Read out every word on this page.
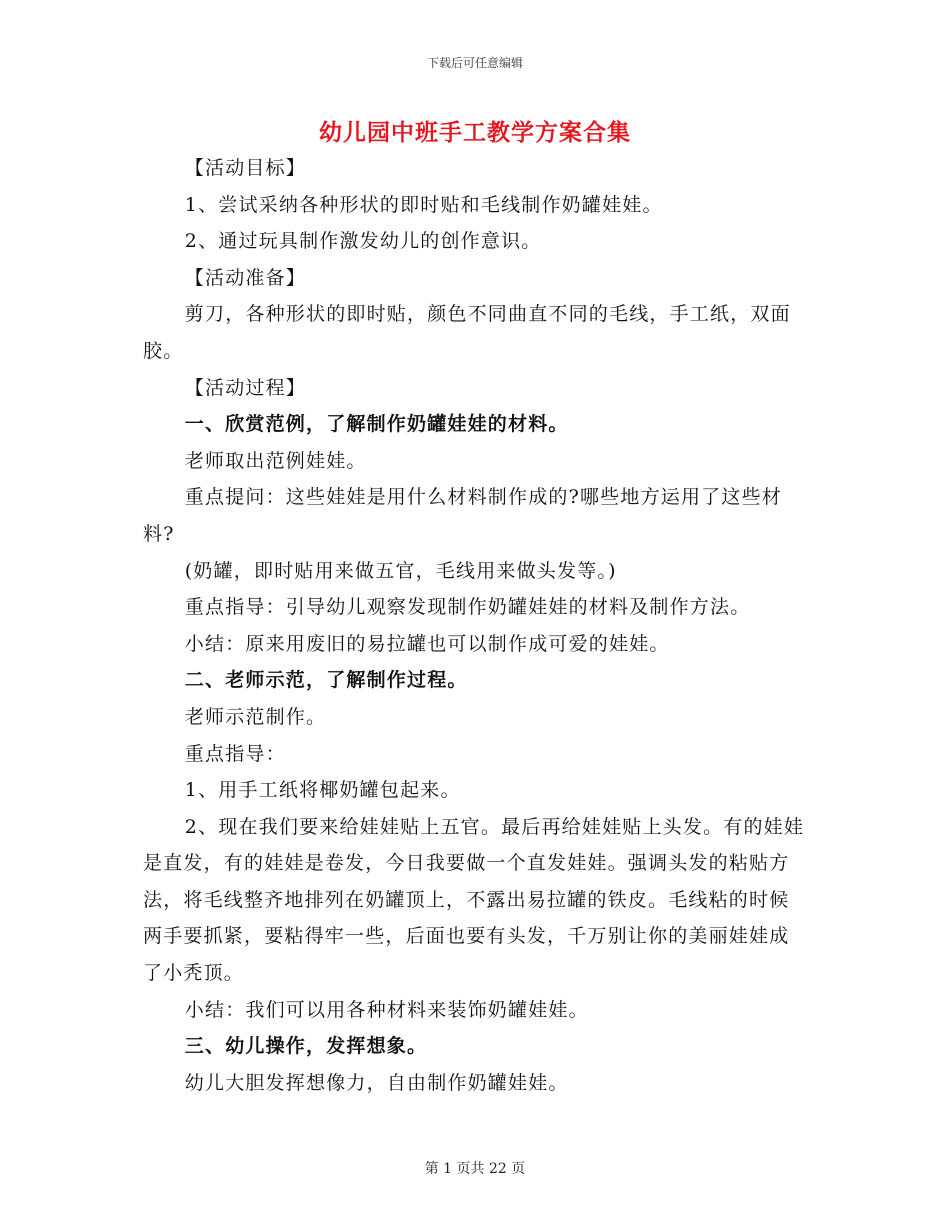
下载后可任意编辑
幼儿园中班手工教学方案合集

【活动目标】

1、尝试采纳各种形状的即时贴和毛线制作奶罐娃娃。

2、通过玩具制作激发幼儿的创作意识。

【活动准备】

剪刀，各种形状的即时贴，颜色不同曲直不同的毛线，手工纸，双面胶。

【活动过程】

一、欣赏范例，了解制作奶罐娃娃的材料。

老师取出范例娃娃。

重点提问：这些娃娃是用什么材料制作成的?哪些地方运用了这些材料?

(奶罐，即时贴用来做五官，毛线用来做头发等。)

重点指导：引导幼儿观察发现制作奶罐娃娃的材料及制作方法。

小结：原来用废旧的易拉罐也可以制作成可爱的娃娃。

二、老师示范，了解制作过程。

老师示范制作。

重点指导：

1、用手工纸将椰奶罐包起来。

2、现在我们要来给娃娃贴上五官。最后再给娃娃贴上头发。有的娃娃是直发，有的娃娃是卷发，今日我要做一个直发娃娃。强调头发的粘贴方法，将毛线整齐地排列在奶罐顶上，不露出易拉罐的铁皮。毛线粘的时候两手要抓紧，要粘得牢一些，后面也要有头发，千万别让你的美丽娃娃成了小秃顶。

小结：我们可以用各种材料来装饰奶罐娃娃。

三、幼儿操作，发挥想象。

幼儿大胆发挥想像力，自由制作奶罐娃娃。

第 1 页共 22 页
